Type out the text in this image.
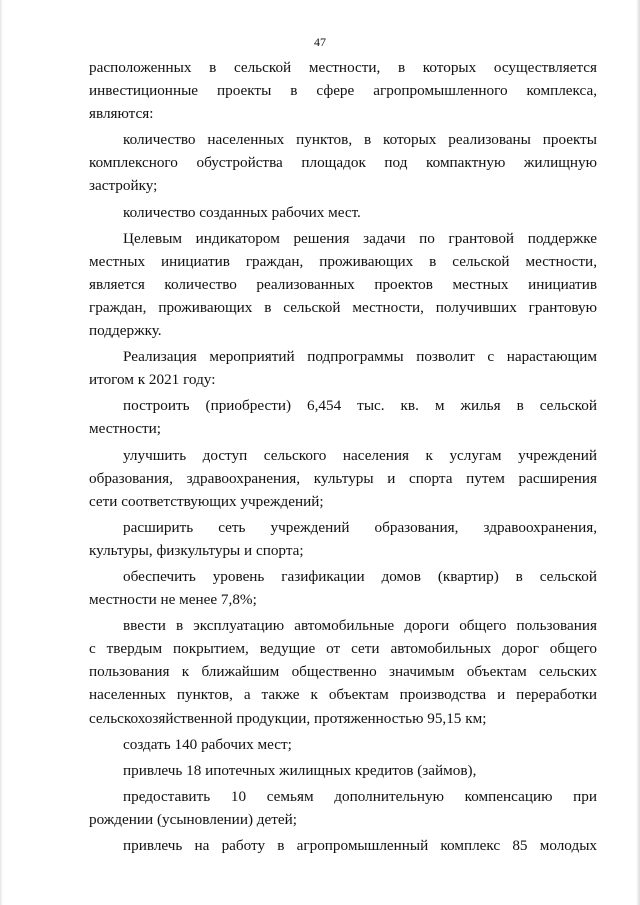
47
расположенных в сельской местности, в которых осуществляется
инвестиционные проекты в сфере агропромышленного комплекса,
являются:
количество населенных пунктов, в которых реализованы проекты
комплексного обустройства площадок под компактную жилищную
застройку;
количество созданных рабочих мест.
Целевым индикатором решения задачи по грантовой поддержке
местных инициатив граждан, проживающих в сельской местности,
является количество реализованных проектов местных инициатив
граждан, проживающих в сельской местности, получивших грантовую
поддержку.
Реализация мероприятий подпрограммы позволит с нарастающим
итогом к 2021 году:
построить (приобрести) 6,454 тыс. кв. м жилья в сельской
местности;
улучшить доступ сельского населения к услугам учреждений
образования, здравоохранения, культуры и спорта путем расширения
сети соответствующих учреждений;
расширить сеть учреждений образования, здравоохранения,
культуры, физкультуры и спорта;
обеспечить уровень газификации домов (квартир) в сельской
местности не менее 7,8%;
ввести в эксплуатацию автомобильные дороги общего пользования
с твердым покрытием, ведущие от сети автомобильных дорог общего
пользования к ближайшим общественно значимым объектам сельских
населенных пунктов, а также к объектам производства и переработки
сельскохозяйственной продукции, протяженностью 95,15 км;
создать 140 рабочих мест;
привлечь 18 ипотечных жилищных кредитов (займов),
предоставить 10 семьям дополнительную компенсацию при
рождении (усыновлении) детей;
привлечь на работу в агропромышленный комплекс 85 молодых
